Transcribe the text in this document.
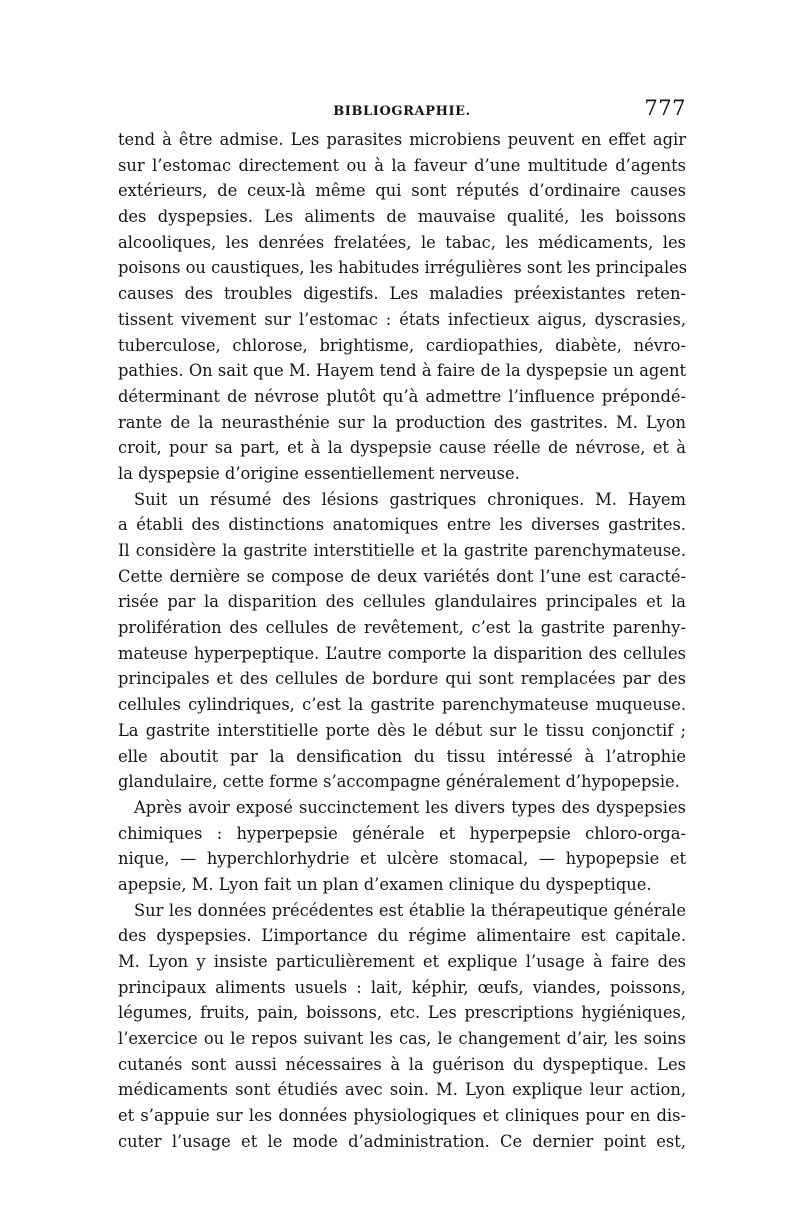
BIBLIOGRAPHIE.	777
tend à être admise. Les parasites microbiens peuvent en effet agir
sur l’estomac directement ou à la faveur d’une multitude d’agents
extérieurs, de ceux-là même qui sont réputés d’ordinaire causes
des dyspepsies. Les aliments de mauvaise qualité, les boissons
alcooliques, les denrées frelatées, le tabac, les médicaments, les
poisons ou caustiques, les habitudes irrégulières sont les principales
causes des troubles digestifs. Les maladies préexistantes reten-
tissent vivement sur l’estomac : états infectieux aigus, dyscrasies,
tuberculose, chlorose, brightisme, cardiopathies, diabète, névro-
pathies. On sait que M. Hayem tend à faire de la dyspepsie un agent
déterminant de névrose plutôt qu’à admettre l’influence prépondé-
rante de la neurasthénie sur la production des gastrites. M. Lyon
croit, pour sa part, et à la dyspepsie cause réelle de névrose, et à
la dyspepsie d’origine essentiellement nerveuse.
Suit un résumé des lésions gastriques chroniques. M. Hayem
a établi des distinctions anatomiques entre les diverses gastrites.
Il considère la gastrite interstitielle et la gastrite parenchymateuse.
Cette dernière se compose de deux variétés dont l’une est caracté-
risée par la disparition des cellules glandulaires principales et la
prolifération des cellules de revêtement, c’est la gastrite parenhy-
mateuse hyperpeptique. L’autre comporte la disparition des cellules
principales et des cellules de bordure qui sont remplacées par des
cellules cylindriques, c’est la gastrite parenchymateuse muqueuse.
La gastrite interstitielle porte dès le début sur le tissu conjonctif ;
elle aboutit par la densification du tissu intéressé à l’atrophie
glandulaire, cette forme s’accompagne généralement d’hypopepsie.
Après avoir exposé succinctement les divers types des dyspepsies
chimiques : hyperpepsie générale et hyperpepsie chloro-orga-
nique, — hyperchlorhydrie et ulcère stomacal, — hypopepsie et
apepsie, M. Lyon fait un plan d’examen clinique du dyspeptique.
Sur les données précédentes est établie la thérapeutique générale
des dyspepsies. L’importance du régime alimentaire est capitale.
M. Lyon y insiste particulièrement et explique l’usage à faire des
principaux aliments usuels : lait, képhir, œufs, viandes, poissons,
légumes, fruits, pain, boissons, etc. Les prescriptions hygiéniques,
l’exercice ou le repos suivant les cas, le changement d’air, les soins
cutanés sont aussi nécessaires à la guérison du dyspeptique. Les
médicaments sont étudiés avec soin. M. Lyon explique leur action,
et s’appuie sur les données physiologiques et cliniques pour en dis-
cuter l’usage et le mode d’administration. Ce dernier point est,
